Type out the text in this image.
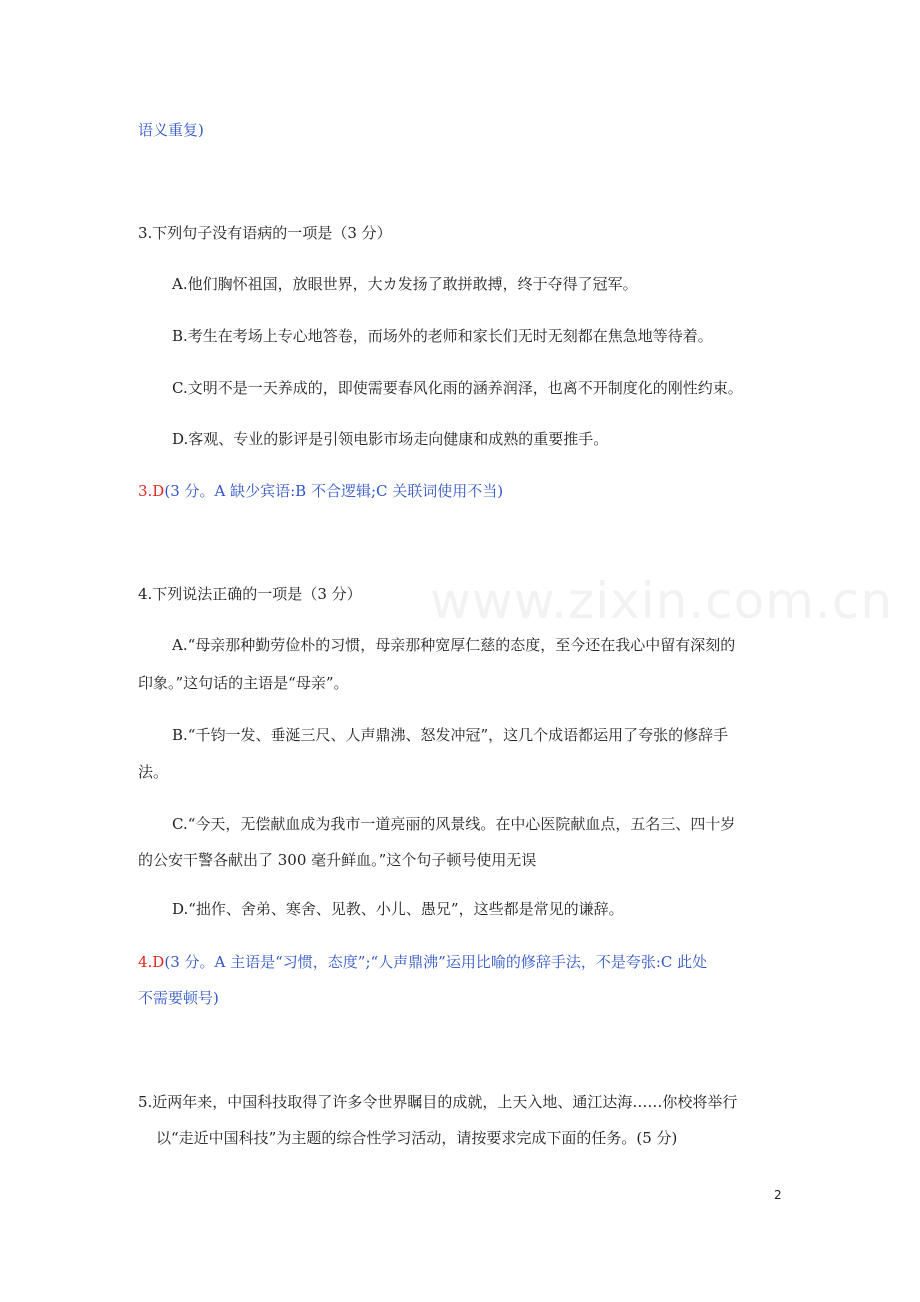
www.zixin.com.cn

语义重复)

3.下列句子没有语病的一项是（3 分）

A.他们胸怀祖国，放眼世界，大カ发扬了敢拼敢搏，终于夺得了冠军。

B.考生在考场上专心地答卷，而场外的老师和家长们无时无刻都在焦急地等待着。

C.文明不是一天养成的，即使需要春风化雨的涵养润泽，也离不开制度化的刚性约束。

D.客观、专业的影评是引领电影市场走向健康和成熟的重要推手。

3.D(3 分。A 缺少宾语:B 不合逻辑;C 关联词使用不当)

4.下列说法正确的一项是（3 分）

A.“母亲那种勤劳俭朴的习惯，母亲那种宽厚仁慈的态度，至今还在我心中留有深刻的

印象。”这句话的主语是“母亲”。

B.“千钧一发、垂涎三尺、人声鼎沸、怒发冲冠”，这几个成语都运用了夸张的修辞手

法。

C.“今天，无偿献血成为我市一道亮丽的风景线。在中心医院献血点，五名三、四十岁

的公安干警各献出了 300 毫升鲜血。”这个句子顿号使用无误

D.“拙作、舍弟、寒舍、见教、小儿、愚兄”，这些都是常见的谦辞。

4.D(3 分。A 主语是“习惯，态度”;“人声鼎沸”运用比喻的修辞手法，不是夸张:C 此处

不需要顿号)

5.近两年来，中国科技取得了许多令世界瞩目的成就，上天入地、通江达海……你校将举行

以“走近中国科技”为主题的综合性学习活动，请按要求完成下面的任务。(5 分)

2
